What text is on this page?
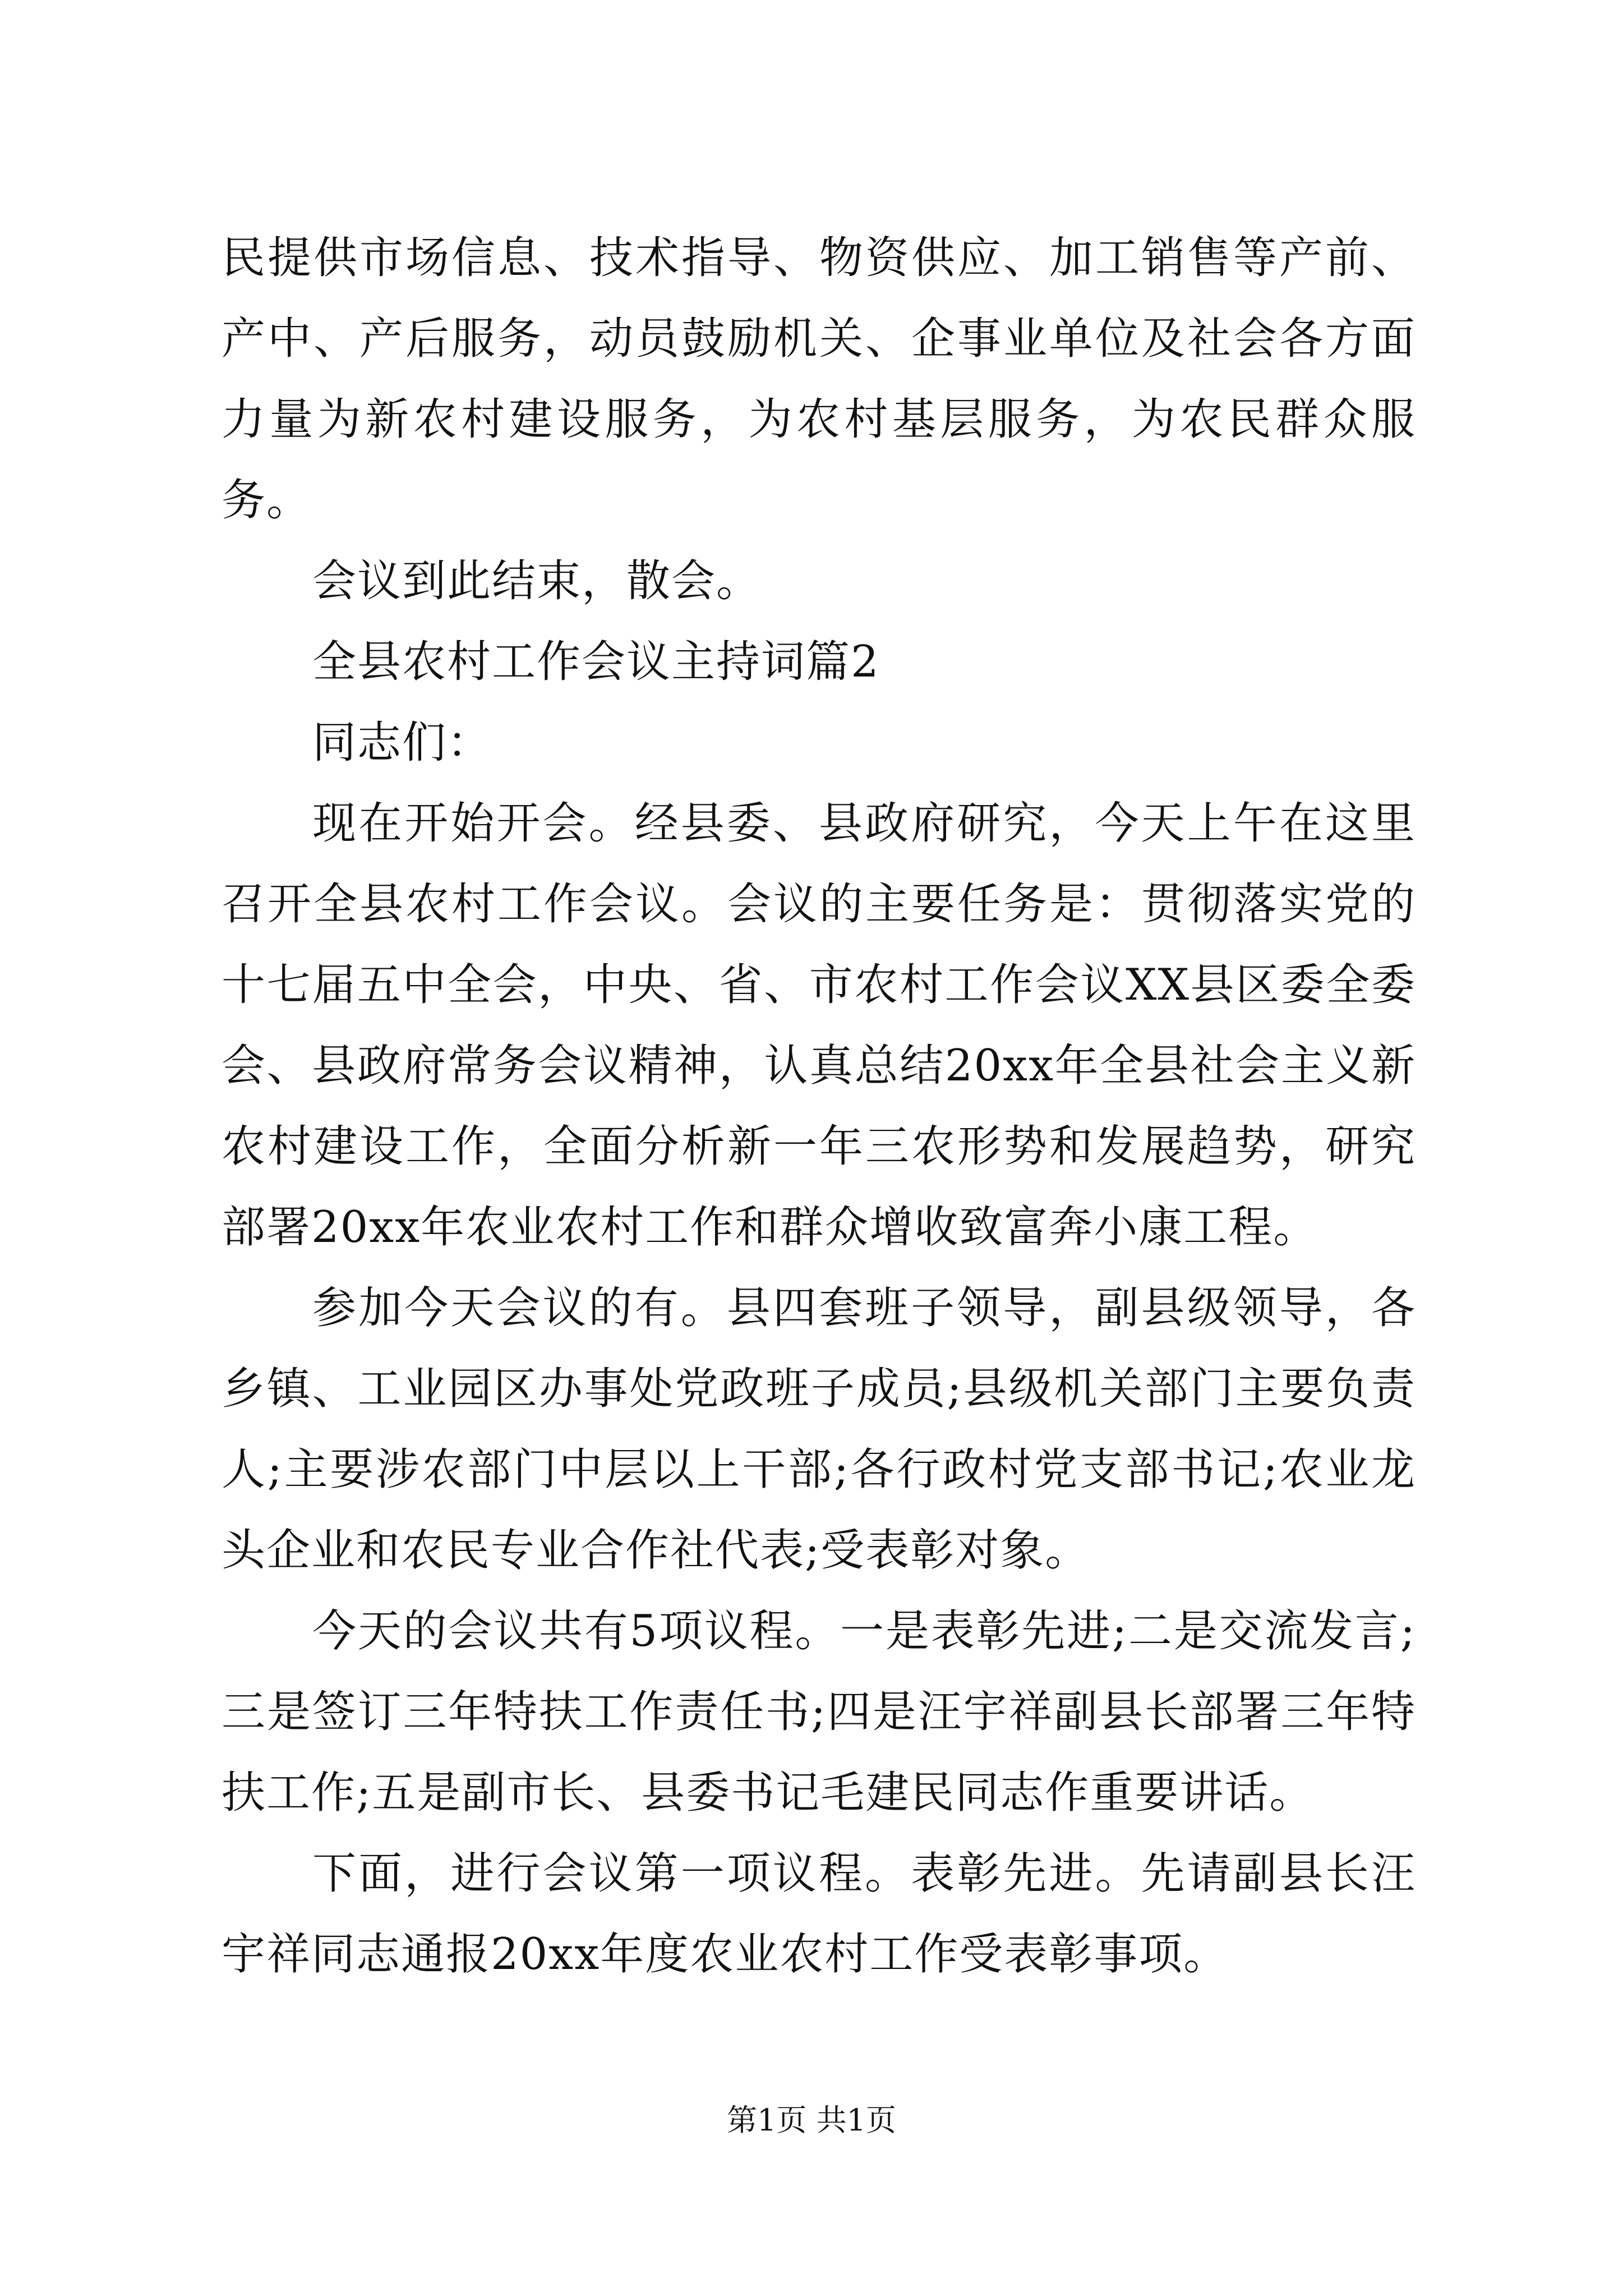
民提供市场信息、技术指导、物资供应、加工销售等产前、产中、产后服务，动员鼓励机关、企事业单位及社会各方面力量为新农村建设服务，为农村基层服务，为农民群众服务。

会议到此结束，散会。

全县农村工作会议主持词篇2

同志们：

现在开始开会。经县委、县政府研究，今天上午在这里召开全县农村工作会议。会议的主要任务是：贯彻落实党的十七届五中全会，中央、省、市农村工作会议XX县区委全委会、县政府常务会议精神，认真总结20xx年全县社会主义新农村建设工作，全面分析新一年三农形势和发展趋势，研究部署20xx年农业农村工作和群众增收致富奔小康工程。

参加今天会议的有。县四套班子领导，副县级领导，各乡镇、工业园区办事处党政班子成员;县级机关部门主要负责人;主要涉农部门中层以上干部;各行政村党支部书记;农业龙头企业和农民专业合作社代表;受表彰对象。

今天的会议共有5项议程。一是表彰先进;二是交流发言;三是签订三年特扶工作责任书;四是汪宇祥副县长部署三年特扶工作;五是副市长、县委书记毛建民同志作重要讲话。

下面，进行会议第一项议程。表彰先进。先请副县长汪宇祥同志通报20xx年度农业农村工作受表彰事项。

第1页 共1页
